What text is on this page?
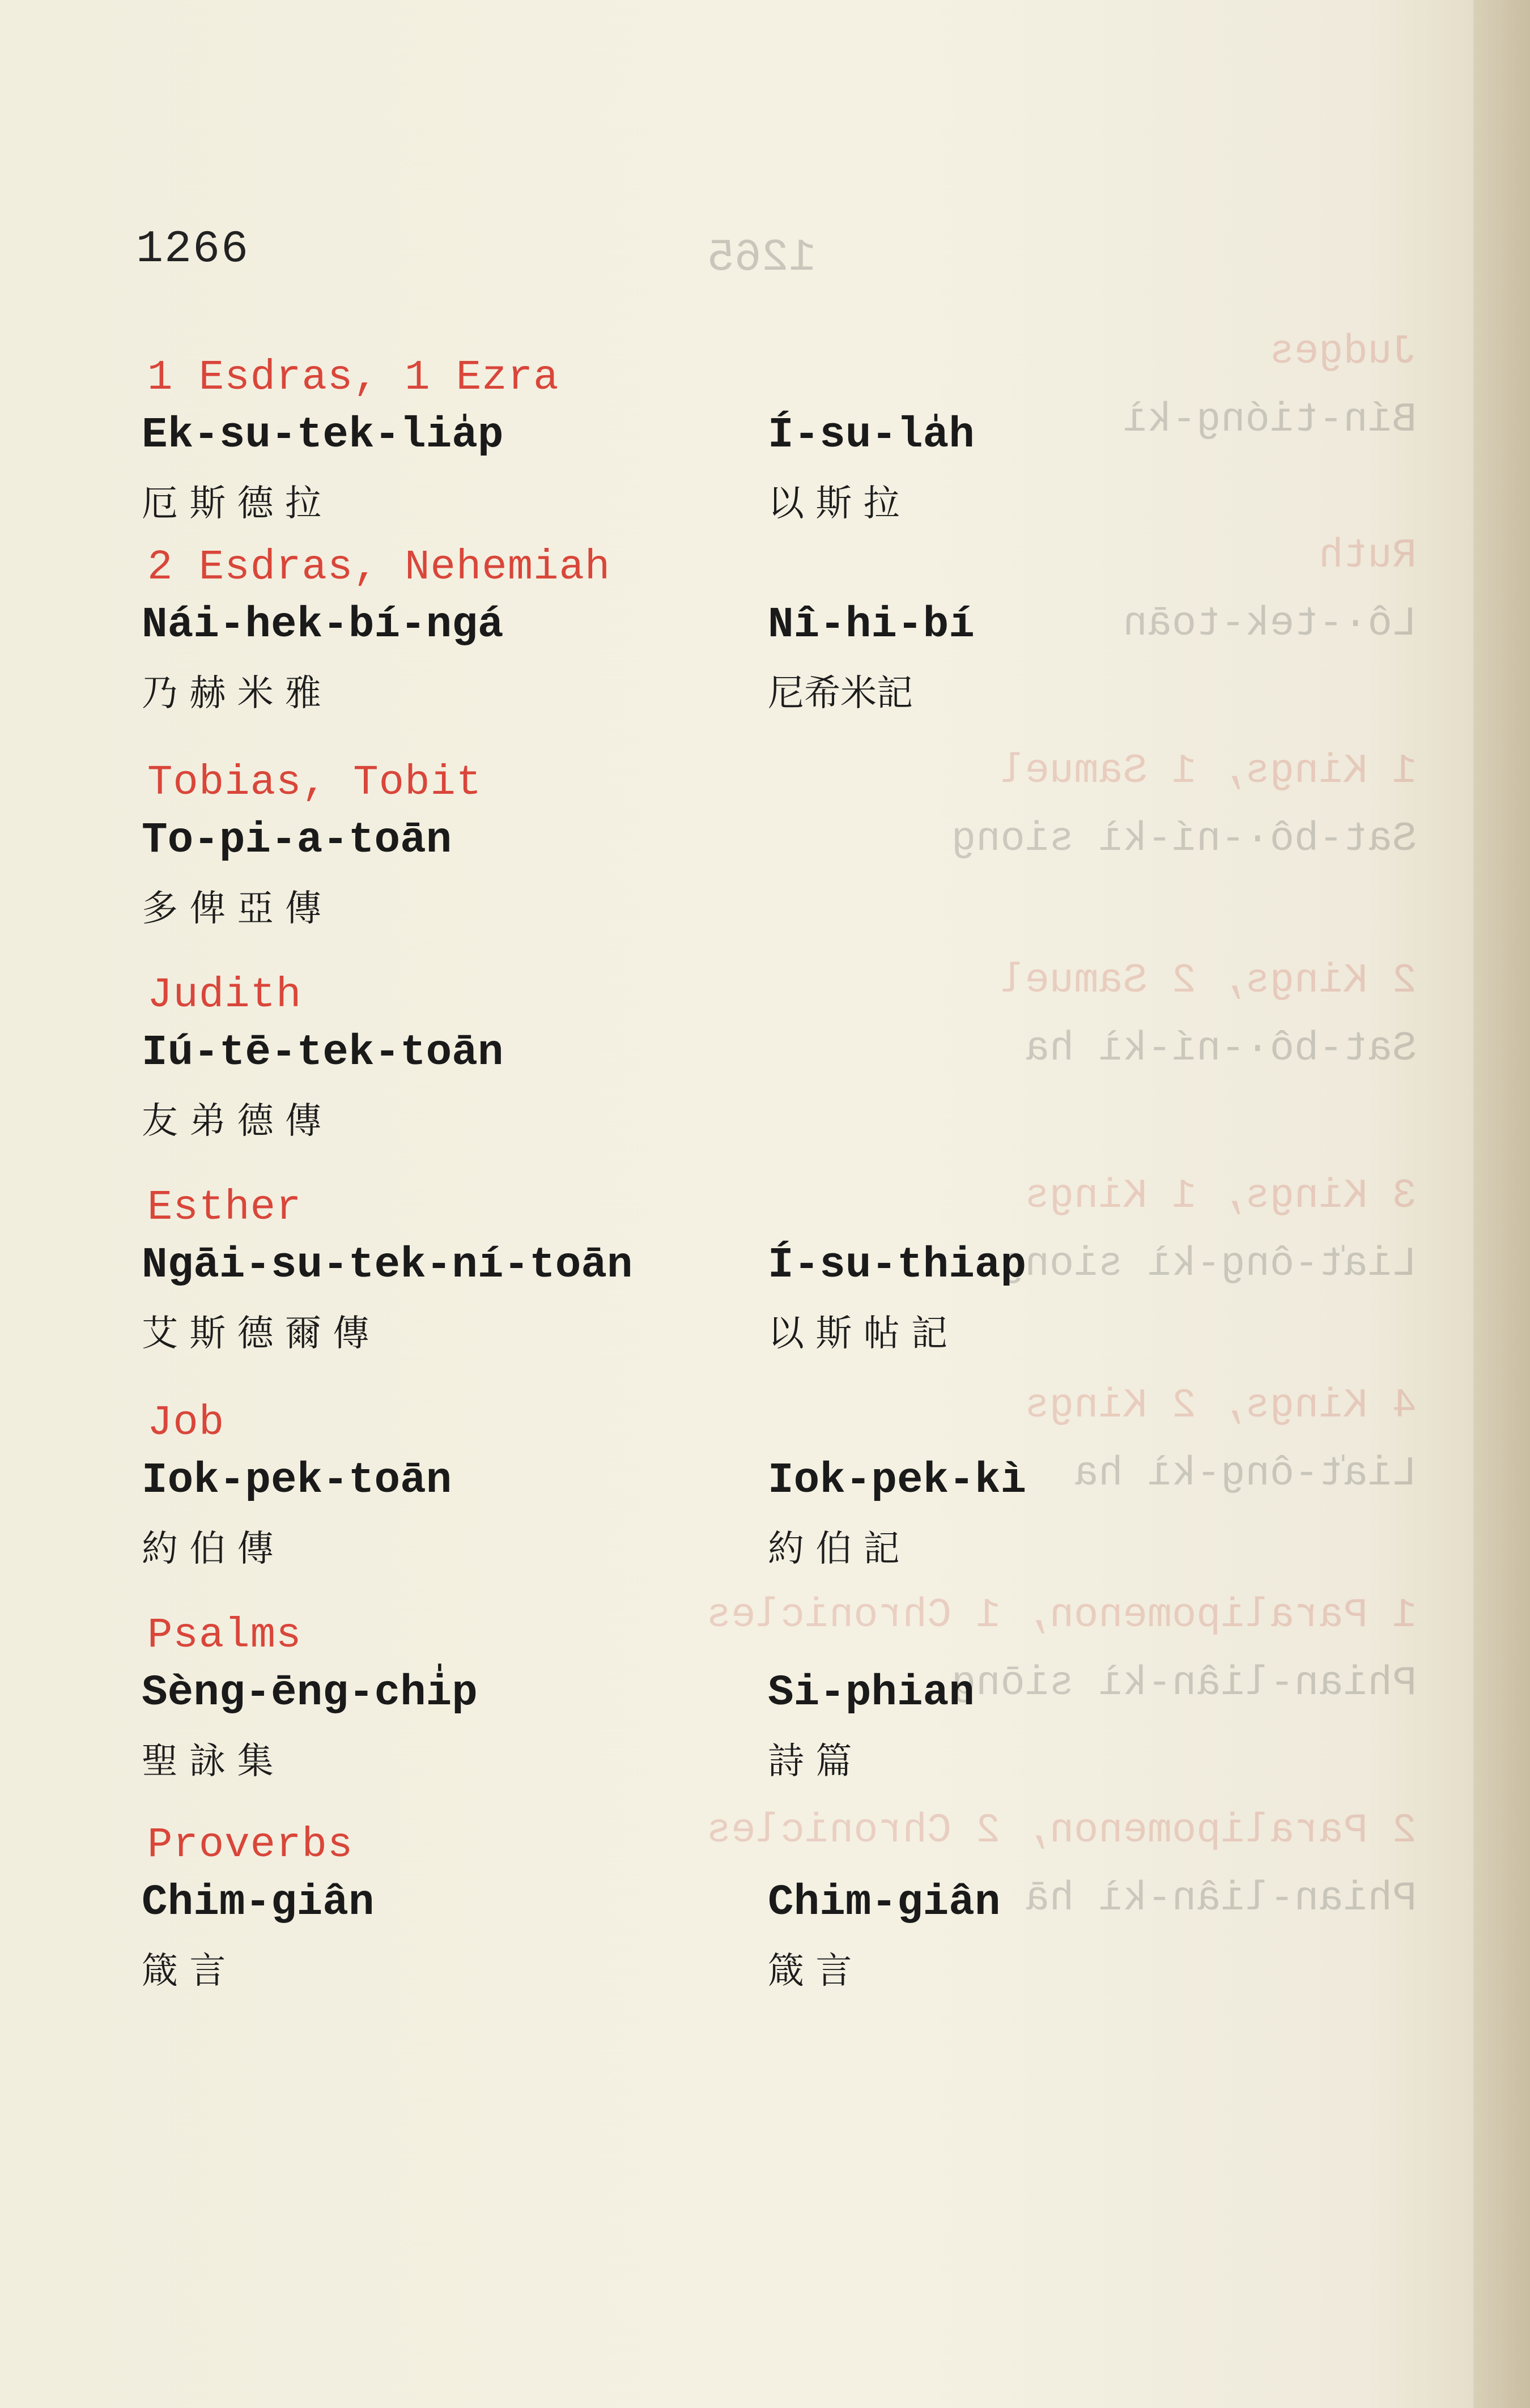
1265
Judges
Bín-tióng-kì
Ruth
Lô·-tek-toān
1 Kings, 1 Samuel
Sat-bô·-ní-kì siong
2 Kings, 2 Samuel
Sat-bô·-ní-kì ha
3 Kings, 1 Kings
Lia̍t-ông-kì siong
4 Kings, 2 Kings
Lia̍t-ông-kì ha
1 Paralipomenon, 1 Chronicles
Phian-liân-kì siōng
2 Paralipomenon, 2 Chronicles
Phian-liân-kì hā
1266
1 Esdras, 1 Ezra
Ek-su-tek-lia̍p
厄 斯 德 拉
Í-su-la̍h
以 斯 拉
2 Esdras, Nehemiah
Nái-hek-bí-ngá
乃 赫 米 雅
Nî-hi-bí
尼希米記
Tobias, Tobit
To-pi-a-toān
多 俾 亞 傳
Judith
Iú-tē-tek-toān
友 弟 德 傳
Esther
Ngāi-su-tek-ní-toān
艾 斯 德 爾 傳
Í-su-thiap
以 斯 帖 記
Job
Iok-pek-toān
約 伯 傳
Iok-pek-kì
約 伯 記
Psalms
Sèng-ēng-chi̍p
聖 詠 集
Si-phian
詩 篇
Proverbs
Chim-giân
箴 言
Chim-giân
箴 言
